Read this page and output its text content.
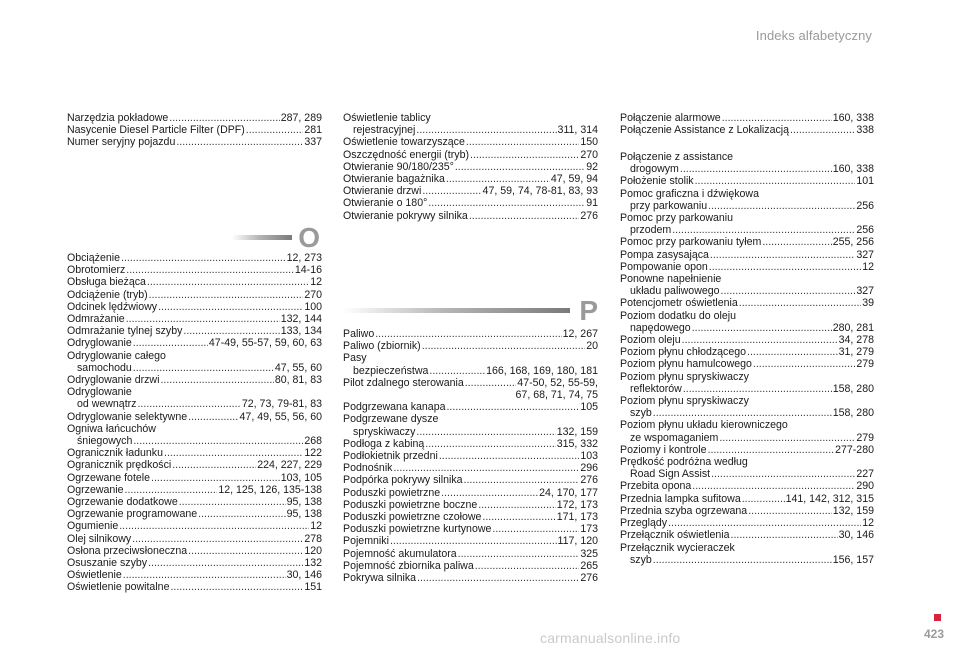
Indeks alfabetyczny
Narzędzia pokładowe .....	287, 289
Nasycenie Diesel Particle Filter (DPF) .....	281
Numer seryjny pojazdu .....	337
O
Obciążenie .....	12, 273
Obrotomierz .....	14-16
Obsługa bieżąca .....	12
Odciążenie (tryb) .....	270
Odcinek lędźwiowy .....	100
Odmrażanie .....	132, 144
Odmrażanie tylnej szyby .....	133, 134
Odryglowanie .....	47-49, 55-57, 59, 60, 63
Odryglowanie całego
samochodu .....	47, 55, 60
Odryglowanie drzwi .....	80, 81, 83
Odryglowanie
od wewnątrz .....	72, 73, 79-81, 83
Odryglowanie selektywne .....	47, 49, 55, 56, 60
Ogniwa łańcuchów
śniegowych .....	268
Ogranicznik ładunku .....	122
Ogranicznik prędkości .....	224, 227, 229
Ogrzewane fotele .....	103, 105
Ogrzewanie .....	12, 125, 126, 135-138
Ogrzewanie dodatkowe .....	95, 138
Ogrzewanie programowane .....	95, 138
Ogumienie .....	12
Olej silnikowy .....	278
Osłona przeciwsłoneczna .....	120
Osuszanie szyby .....	132
Oświetlenie .....	30, 146
Oświetlenie powitalne .....	151
Oświetlenie tablicy
rejestracyjnej .....	311, 314
Oświetlenie towarzyszące .....	150
Oszczędność energii (tryb) .....	270
Otwieranie 90/180/235° .....	92
Otwieranie bagażnika .....	47, 59, 94
Otwieranie drzwi .....	47, 59, 74, 78-81, 83, 93
Otwieranie o 180° .....	91
Otwieranie pokrywy silnika .....	276
P
Paliwo .....	12, 267
Paliwo (zbiornik) .....	20
Pasy
bezpieczeństwa .....	166, 168, 169, 180, 181
Pilot zdalnego sterowania .....	47-50, 52, 55-59,
67, 68, 71, 74, 75
Podgrzewana kanapa .....	105
Podgrzewane dysze
spryskiwaczy .....	132, 159
Podłoga z kabiną .....	315, 332
Podłokietnik przedni .....	103
Podnośnik .....	296
Podpórka pokrywy silnika .....	276
Poduszki powietrzne .....	24, 170, 177
Poduszki powietrzne boczne .....	172, 173
Poduszki powietrzne czołowe .....	171, 173
Poduszki powietrzne kurtynowe .....	173
Pojemniki .....	117, 120
Pojemność akumulatora .....	325
Pojemność zbiornika paliwa .....	265
Pokrywa silnika .....	276
Połączenie alarmowe .....	160, 338
Połączenie Assistance z Lokalizacją .....	338
Połączenie z assistance
drogowym .....	160, 338
Położenie stolik .....	101
Pomoc graficzna i dźwiękowa
przy parkowaniu .....	256
Pomoc przy parkowaniu
przodem .....	256
Pomoc przy parkowaniu tyłem .....	255, 256
Pompa zasysająca .....	327
Pompowanie opon .....	12
Ponowne napełnienie
układu paliwowego .....	327
Potencjometr oświetlenia .....	39
Poziom dodatku do oleju
napędowego .....	280, 281
Poziom oleju .....	34, 278
Poziom płynu chłodzącego .....	31, 279
Poziom płynu hamulcowego .....	279
Poziom płynu spryskiwaczy
reflektorów .....	158, 280
Poziom płynu spryskiwaczy
szyb .....	158, 280
Poziom płynu układu kierowniczego
ze wspomaganiem .....	279
Poziomy i kontrole .....	277-280
Prędkość podróżna według
Road Sign Assist .....	227
Przebita opona .....	290
Przednia lampka sufitowa .....	141, 142, 312, 315
Przednia szyba ogrzewana .....	132, 159
Przeglądy .....	12
Przełącznik oświetlenia .....	30, 146
Przełącznik wycieraczek
szyb .....	156, 157
423
carmanualsonline.info
